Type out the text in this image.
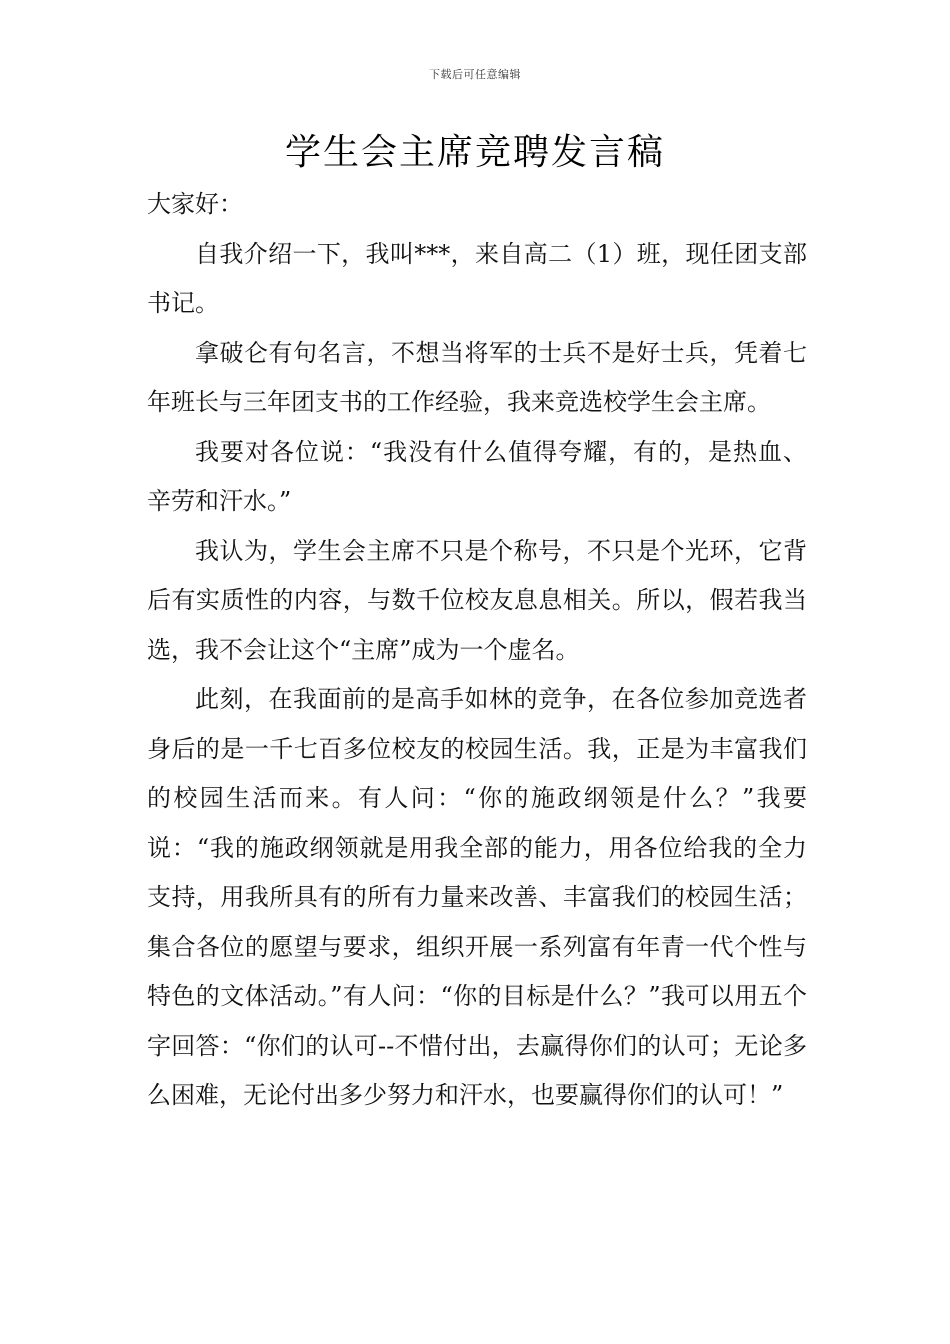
下载后可任意编辑
学生会主席竞聘发言稿

大家好：

自我介绍一下，我叫***，来自高二（1）班，现任团支部书记。

拿破仑有句名言，不想当将军的士兵不是好士兵，凭着七年班长与三年团支书的工作经验，我来竞选校学生会主席。

我要对各位说：“我没有什么值得夸耀，有的，是热血、辛劳和汗水。”

我认为，学生会主席不只是个称号，不只是个光环，它背后有实质性的内容，与数千位校友息息相关。所以，假若我当选，我不会让这个“主席”成为一个虚名。

此刻，在我面前的是高手如林的竞争，在各位参加竞选者身后的是一千七百多位校友的校园生活。我，正是为丰富我们的校园生活而来。有人问：“你的施政纲领是什么？”我要说：“我的施政纲领就是用我全部的能力，用各位给我的全力支持，用我所具有的所有力量来改善、丰富我们的校园生活；集合各位的愿望与要求，组织开展一系列富有年青一代个性与特色的文体活动。”有人问：“你的目标是什么？”我可以用五个字回答：“你们的认可--不惜付出，去赢得你们的认可；无论多么困难，无论付出多少努力和汗水，也要赢得你们的认可！”
